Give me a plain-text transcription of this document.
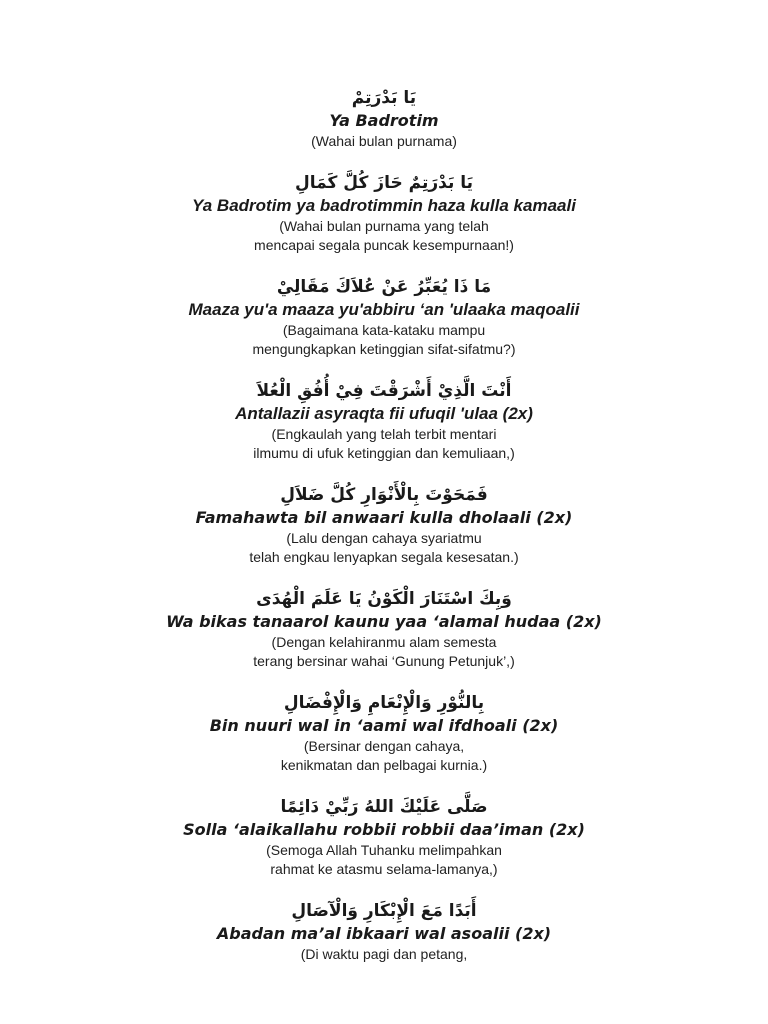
يَا بَدْرَتِمْ
Ya Badrotim
(Wahai bulan purnama)
يَا بَدْرَتِمٌ حَازَ كُلَّ كَمَالِ
Ya Badrotim ya badrotimmin haza kulla kamaali
(Wahai bulan purnama yang telah
mencapai segala puncak kesempurnaan!)
مَا ذَا يُعَبِّرُ عَنْ عُلاَكَ مَقَالِيْ
Maaza yu'a maaza yu'abbiru ‘an 'ulaaka maqoalii
(Bagaimana kata-kataku mampu
mengungkapkan ketinggian sifat-sifatmu?)
أَنْتَ الَّذِيْ أَشْرَقْتَ فِيْ أُفُقِ الْعُلاَ
Antallazii asyraqta fii ufuqil 'ulaa (2x)
(Engkaulah yang telah terbit mentari
ilmumu di ufuk ketinggian dan kemuliaan,)
فَمَحَوْتَ بِالْأَنْوَارِ كُلَّ ضَلاَلِ
Famahawta bil anwaari kulla dholaali (2x)
(Lalu dengan cahaya syariatmu
telah engkau lenyapkan segala kesesatan.)
وَبِكَ اسْتَنَارَ الْكَوْنُ يَا عَلَمَ الْهُدَى
Wa bikas tanaarol kaunu yaa ‘alamal hudaa (2x)
(Dengan kelahiranmu alam semesta
terang bersinar wahai ‘Gunung Petunjuk’,)
بِالنُّوْرِ وَالْإِنْعَامِ وَالْإِفْضَالِ
Bin nuuri wal in ‘aami wal ifdhoali (2x)
(Bersinar dengan cahaya,
kenikmatan dan pelbagai kurnia.)
صَلَّى عَلَيْكَ اللهُ رَبِّيْ دَائِمًا
Solla ‘alaikallahu robbii robbii daa’iman (2x)
(Semoga Allah Tuhanku melimpahkan
rahmat ke atasmu selama-lamanya,)
أَبَدًا مَعَ الْإِبْكَارِ وَالْآصَالِ
Abadan ma’al ibkaari wal asoalii (2x)
(Di waktu pagi dan petang,
